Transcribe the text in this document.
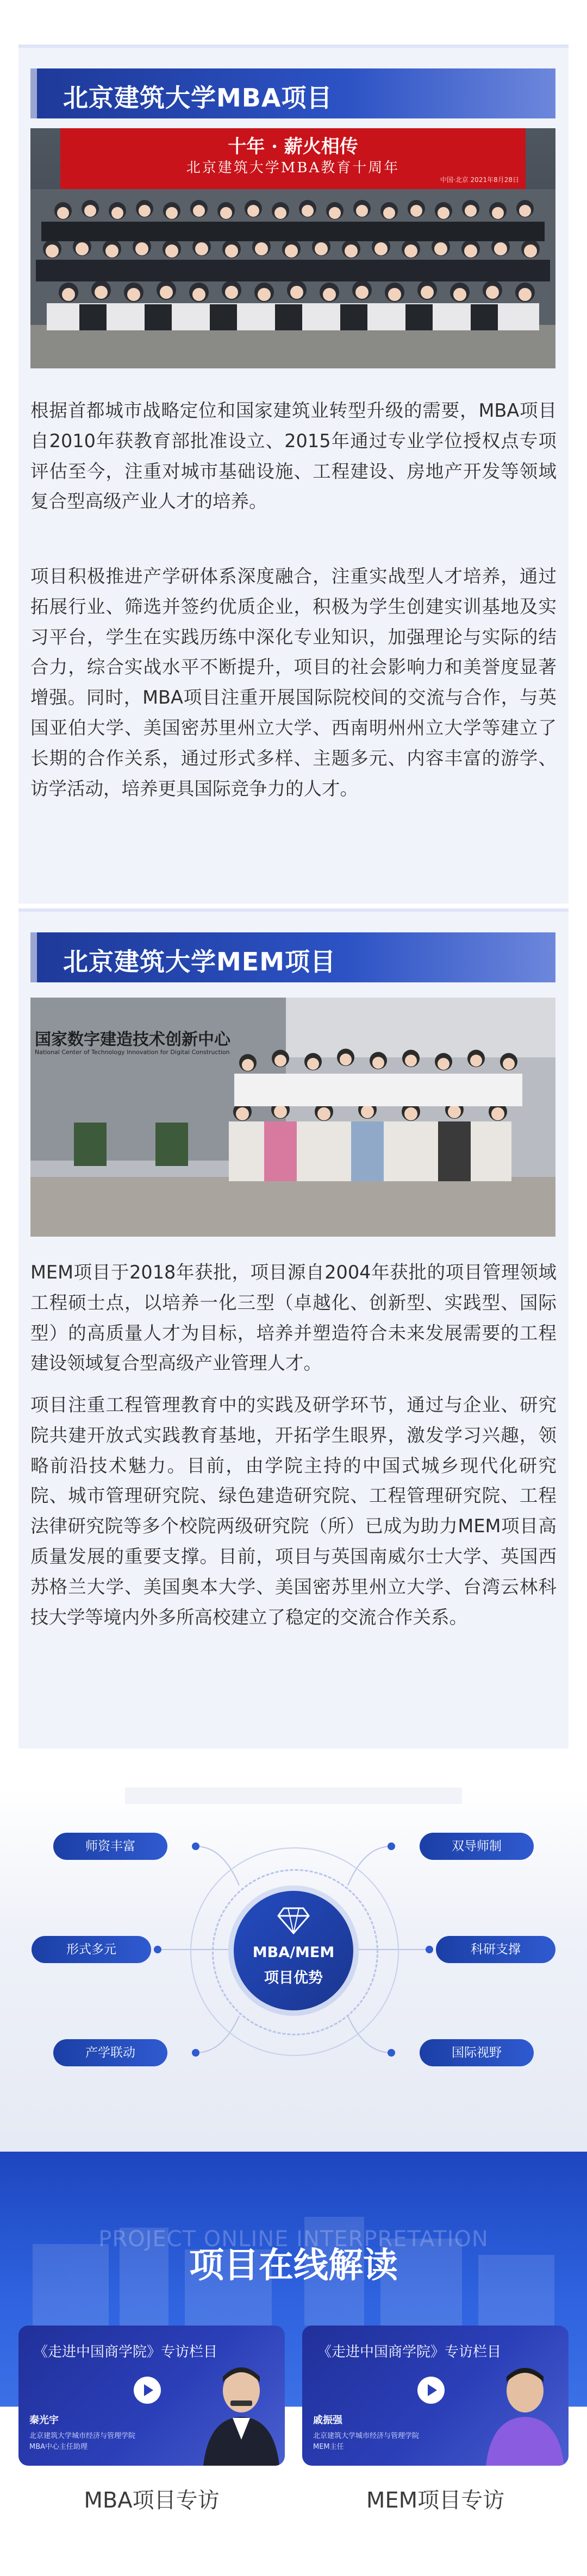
北京建筑大学MBA项目
十年 · 薪火相传
北京建筑大学MBA教育十周年
中国·北京 2021年8月28日

根据首都城市战略定位和国家建筑业转型升级的需要，MBA项目自2010年获教育部批准设立、2015年通过专业学位授权点专项评估至今，注重对城市基础设施、工程建设、房地产开发等领域复合型高级产业人才的培养。

项目积极推进产学研体系深度融合，注重实战型人才培养，通过拓展行业、筛选并签约优质企业，积极为学生创建实训基地及实习平台，学生在实践历练中深化专业知识，加强理论与实际的结合力，综合实战水平不断提升，项目的社会影响力和美誉度显著增强。同时，MBA项目注重开展国际院校间的交流与合作，与英国亚伯大学、美国密苏里州立大学、西南明州州立大学等建立了长期的合作关系，通过形式多样、主题多元、内容丰富的游学、访学活动，培养更具国际竞争力的人才。

北京建筑大学MEM项目
国家数字建造技术创新中心
National Center of Technology Innovation for Digital Construction

MEM项目于2018年获批，项目源自2004年获批的项目管理领域工程硕士点，以培养一化三型（卓越化、创新型、实践型、国际型）的高质量人才为目标，培养并塑造符合未来发展需要的工程建设领域复合型高级产业管理人才。

项目注重工程管理教育中的实践及研学环节，通过与企业、研究院共建开放式实践教育基地，开拓学生眼界，激发学习兴趣，领略前沿技术魅力。目前，由学院主持的中国式城乡现代化研究院、城市管理研究院、绿色建造研究院、工程管理研究院、工程法律研究院等多个校院两级研究院（所）已成为助力MEM项目高质量发展的重要支撑。目前，项目与英国南威尔士大学、英国西苏格兰大学、美国奥本大学、美国密苏里州立大学、台湾云林科技大学等境内外多所高校建立了稳定的交流合作关系。

MBA/MEM
项目优势
师资丰富	双导师制
形式多元	科研支撑
产学联动	国际视野
PROJECT ONLINE INTERPRETATION
项目在线解读
《走进中国商学院》专访栏目
秦光宇
北京建筑大学城市经济与管理学院
MBA中心主任助理
MBA项目专访
《走进中国商学院》专访栏目
戚振强
北京建筑大学城市经济与管理学院
MEM主任
MEM项目专访
